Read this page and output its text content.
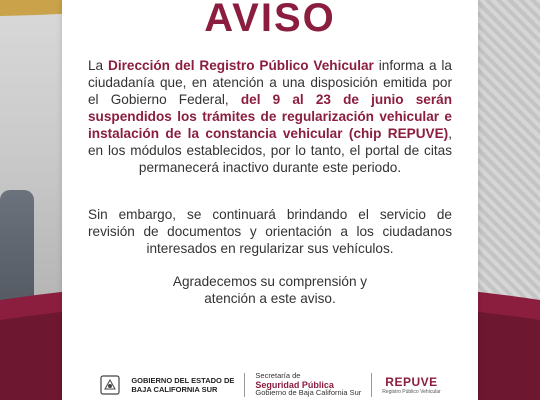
AVISO
La Dirección del Registro Público Vehicular informa a la ciudadanía que, en atención a una disposición emitida por el Gobierno Federal, del 9 al 23 de junio serán suspendidos los trámites de regularización vehicular e instalación de la constancia vehicular (chip REPUVE), en los módulos establecidos, por lo tanto, el portal de citas permanecerá inactivo durante este periodo.
Sin embargo, se continuará brindando el servicio de revisión de documentos y orientación a los ciudadanos interesados en regularizar sus vehículos.
Agradecemos su comprensión y
atención a este aviso.
GOBIERNO DEL ESTADO DE
BAJA CALIFORNIA SUR
Secretaría de
Seguridad Pública
Gobierno de Baja California Sur
REPUVE
Registro Público Vehicular
